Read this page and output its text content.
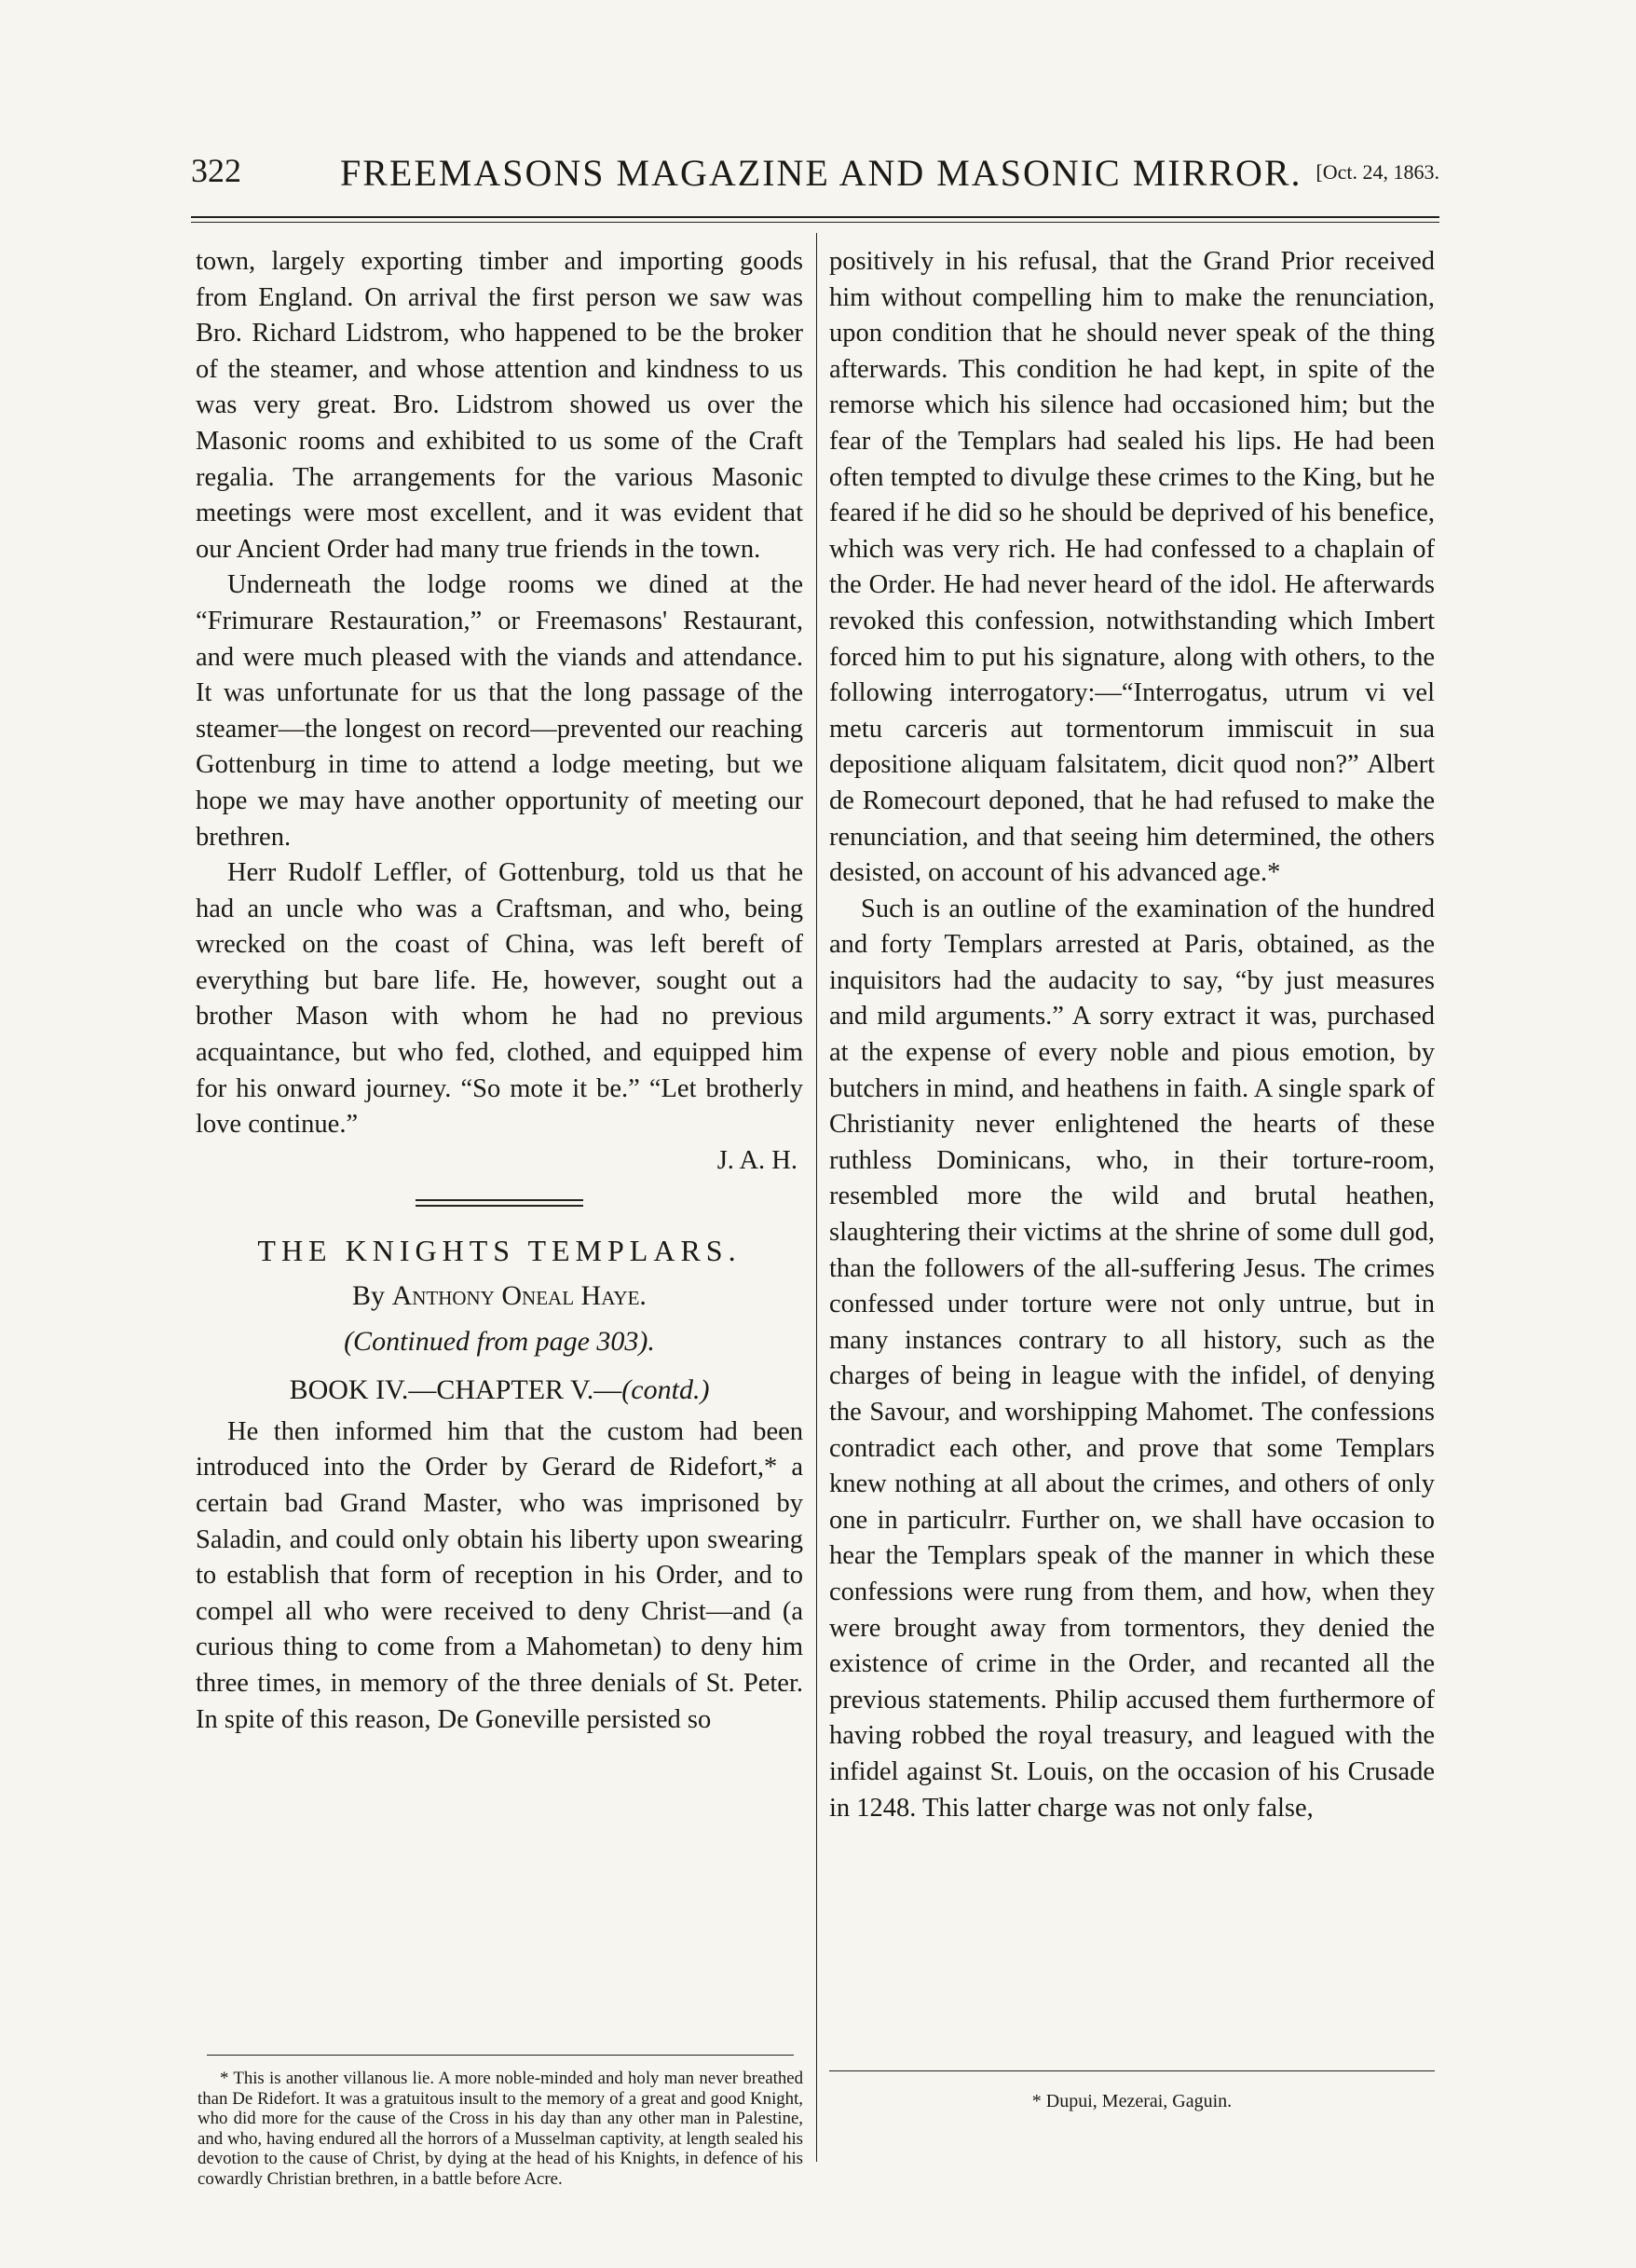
322	FREEMASONS MAGAZINE AND MASONIC MIRROR. [Oct. 24, 1863.

town, largely exporting timber and importing goods from England. On arrival the first person we saw was Bro. Richard Lidstrom, who happened to be the broker of the steamer, and whose attention and kindness to us was very great. Bro. Lidstrom showed us over the Masonic rooms and exhibited to us some of the Craft regalia. The arrangements for the various Masonic meetings were most excellent, and it was evident that our Ancient Order had many true friends in the town.

Underneath the lodge rooms we dined at the “Frimurare Restauration,” or Freemasons' Restaurant, and were much pleased with the viands and attendance. It was unfortunate for us that the long passage of the steamer—the longest on record—prevented our reaching Gottenburg in time to attend a lodge meeting, but we hope we may have another opportunity of meeting our brethren.

Herr Rudolf Leffler, of Gottenburg, told us that he had an uncle who was a Craftsman, and who, being wrecked on the coast of China, was left bereft of everything but bare life. He, however, sought out a brother Mason with whom he had no previous acquaintance, but who fed, clothed, and equipped him for his onward journey. “So mote it be.” “Let brotherly love continue.”

J. A. H.

THE KNIGHTS TEMPLARS.
By Anthony Oneal Haye.
(Continued from page 303).
BOOK IV.—CHAPTER V.—(contd.)

He then informed him that the custom had been introduced into the Order by Gerard de Ridefort,* a certain bad Grand Master, who was imprisoned by Saladin, and could only obtain his liberty upon swearing to establish that form of reception in his Order, and to compel all who were received to deny Christ—and (a curious thing to come from a Mahometan) to deny him three times, in memory of the three denials of St. Peter. In spite of this reason, De Goneville persisted so

positively in his refusal, that the Grand Prior received him without compelling him to make the renunciation, upon condition that he should never speak of the thing afterwards. This condition he had kept, in spite of the remorse which his silence had occasioned him; but the fear of the Templars had sealed his lips. He had been often tempted to divulge these crimes to the King, but he feared if he did so he should be deprived of his benefice, which was very rich. He had confessed to a chaplain of the Order. He had never heard of the idol. He afterwards revoked this confession, notwithstanding which Imbert forced him to put his signature, along with others, to the following interrogatory:—“Interrogatus, utrum vi vel metu carceris aut tormentorum immiscuit in sua depositione aliquam falsitatem, dicit quod non?” Albert de Romecourt deponed, that he had refused to make the renunciation, and that seeing him determined, the others desisted, on account of his advanced age.*

Such is an outline of the examination of the hundred and forty Templars arrested at Paris, obtained, as the inquisitors had the audacity to say, “by just measures and mild arguments.” A sorry extract it was, purchased at the expense of every noble and pious emotion, by butchers in mind, and heathens in faith. A single spark of Christianity never enlightened the hearts of these ruthless Dominicans, who, in their torture-room, resembled more the wild and brutal heathen, slaughtering their victims at the shrine of some dull god, than the followers of the all-suffering Jesus. The crimes confessed under torture were not only untrue, but in many instances contrary to all history, such as the charges of being in league with the infidel, of denying the Savour, and worshipping Mahomet. The confessions contradict each other, and prove that some Templars knew nothing at all about the crimes, and others of only one in particulrr. Further on, we shall have occasion to hear the Templars speak of the manner in which these confessions were rung from them, and how, when they were brought away from tormentors, they denied the existence of crime in the Order, and recanted all the previous statements. Philip accused them furthermore of having robbed the royal treasury, and leagued with the infidel against St. Louis, on the occasion of his Crusade in 1248. This latter charge was not only false,

* This is another villanous lie. A more noble-minded and holy man never breathed than De Ridefort. It was a gratuitous insult to the memory of a great and good Knight, who did more for the cause of the Cross in his day than any other man in Palestine, and who, having endured all the horrors of a Musselman captivity, at length sealed his devotion to the cause of Christ, by dying at the head of his Knights, in defence of his cowardly Christian brethren, in a battle before Acre.
* Dupui, Mezerai, Gaguin.
